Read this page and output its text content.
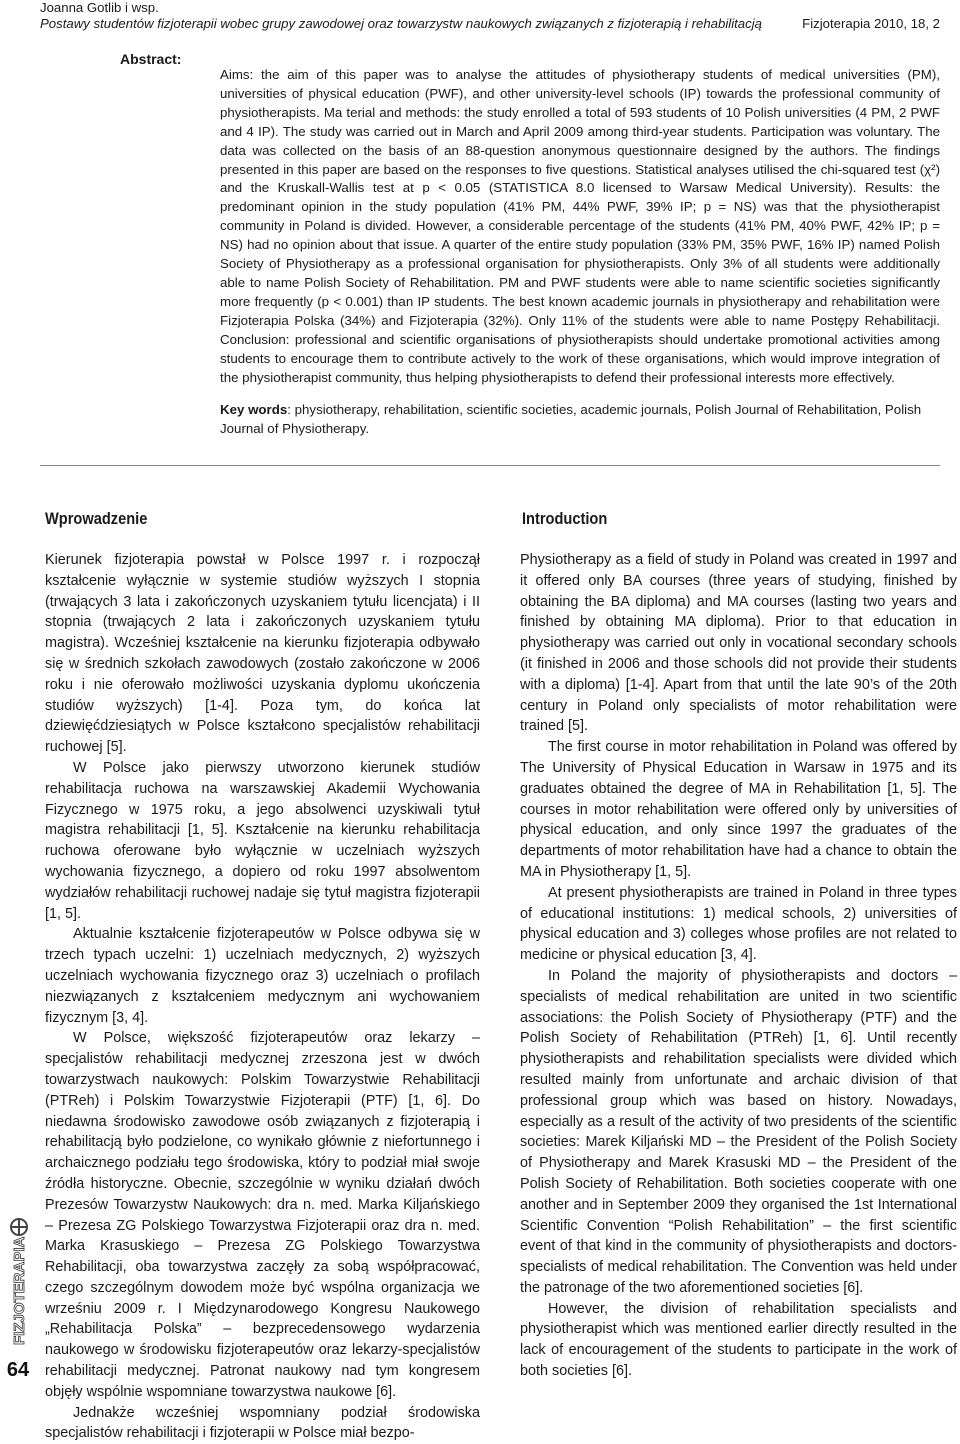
Joanna Gotlib i wsp.
Postawy studentów fizjoterapii wobec grupy zawodowej oraz towarzystw naukowych związanych z fizjoterapią i rehabilitacją	Fizjoterapia 2010, 18, 2
Abstract:

Aims: the aim of this paper was to analyse the attitudes of physiotherapy students of medical universities (PM), universities of physical education (PWF), and other university-level schools (IP) towards the professional community of physiotherapists. Ma terial and methods: the study enrolled a total of 593 students of 10 Polish universities (4 PM, 2 PWF and 4 IP). The study was carried out in March and April 2009 among third-year students. Participation was voluntary. The data was collected on the basis of an 88-question anonymous questionnaire designed by the authors. The findings presented in this paper are based on the responses to five questions. Statistical analyses utilised the chi-squared test (χ²) and the Kruskall-Wallis test at p < 0.05 (STATISTICA 8.0 licensed to Warsaw Medical University). Results: the predominant opinion in the study population (41% PM, 44% PWF, 39% IP; p = NS) was that the physiotherapist community in Poland is divided. However, a considerable percentage of the students (41% PM, 40% PWF, 42% IP; p = NS) had no opinion about that issue. A quarter of the entire study population (33% PM, 35% PWF, 16% IP) named Polish Society of Physiotherapy as a professional organisation for physiotherapists. Only 3% of all students were additionally able to name Polish Society of Rehabilitation. PM and PWF students were able to name scientific societies significantly more frequently (p < 0.001) than IP students. The best known academic journals in physiotherapy and rehabilitation were Fizjoterapia Polska (34%) and Fizjoterapia (32%). Only 11% of the students were able to name Postępy Rehabilitacji. Conclusion: professional and scientific organisations of physiotherapists should undertake promotional activities among students to encourage them to contribute actively to the work of these organisations, which would improve integration of the physiotherapist community, thus helping physiotherapists to defend their professional interests more effectively.

Key words: physiotherapy, rehabilitation, scientific societies, academic journals, Polish Journal of Rehabilitation, Polish Journal of Physiotherapy.
Wprowadzenie	Introduction

Kierunek fizjoterapia powstał w Polsce 1997 r. i rozpoczął kształcenie wyłącznie w systemie studiów wyższych I stopnia (trwających 3 lata i zakończonych uzyskaniem tytułu licencjata) i II stopnia (trwających 2 lata i zakończonych uzyskaniem tytułu magistra). Wcześniej kształcenie na kierunku fizjoterapia odbywało się w średnich szkołach zawodowych (zostało zakończone w 2006 roku i nie oferowało możliwości uzyskania dyplomu ukończenia studiów wyższych) [1-4]. Poza tym, do końca lat dziewięćdziesiątych w Polsce kształcono specjalistów rehabilitacji ruchowej [5].

W Polsce jako pierwszy utworzono kierunek studiów rehabilitacja ruchowa na warszawskiej Akademii Wychowania Fizycznego w 1975 roku, a jego absolwenci uzyskiwali tytuł magistra rehabilitacji [1, 5]. Kształcenie na kierunku rehabilitacja ruchowa oferowane było wyłącznie w uczelniach wyższych wychowania fizycznego, a dopiero od roku 1997 absolwentom wydziałów rehabilitacji ruchowej nadaje się tytuł magistra fizjoterapii [1, 5].

Aktualnie kształcenie fizjoterapeutów w Polsce odbywa się w trzech typach uczelni: 1) uczelniach medycznych, 2) wyższych uczelniach wychowania fizycznego oraz 3) uczelniach o profilach niezwiązanych z kształceniem medycznym ani wychowaniem fizycznym [3, 4].

W Polsce, większość fizjoterapeutów oraz lekarzy – specjalistów rehabilitacji medycznej zrzeszona jest w dwóch towarzystwach naukowych: Polskim Towarzystwie Rehabilitacji (PTReh) i Polskim Towarzystwie Fizjoterapii (PTF) [1, 6]. Do niedawna środowisko zawodowe osób związanych z fizjoterapią i rehabilitacją było podzielone, co wynikało głównie z niefortunnego i archaicznego podziału tego środowiska, który to podział miał swoje źródła historyczne. Obecnie, szczególnie w wyniku działań dwóch Prezesów Towarzystw Naukowych: dra n. med. Marka Kiljańskiego – Prezesa ZG Polskiego Towarzystwa Fizjoterapii oraz dra n. med. Marka Krasuskiego – Prezesa ZG Polskiego Towarzystwa Rehabilitacji, oba towarzystwa zaczęły za sobą współpracować, czego szczególnym dowodem może być wspólna organizacja we wrześniu 2009 r. I Międzynarodowego Kongresu Naukowego „Rehabilitacja Polska” – bezprecedensowego wydarzenia naukowego w środowisku fizjoterapeutów oraz lekarzy-specjalistów rehabilitacji medycznej. Patronat naukowy nad tym kongresem objęły wspólnie wspomniane towarzystwa naukowe [6].

Jednakże wcześniej wspomniany podział środowiska specjalistów rehabilitacji i fizjoterapii w Polsce miał bezpo-

Physiotherapy as a field of study in Poland was created in 1997 and it offered only BA courses (three years of studying, finished by obtaining the BA diploma) and MA courses (lasting two years and finished by obtaining MA diploma). Prior to that education in physiotherapy was carried out only in vocational secondary schools (it finished in 2006 and those schools did not provide their students with a diploma) [1-4]. Apart from that until the late 90’s of the 20th century in Poland only specialists of motor rehabilitation were trained [5].

The first course in motor rehabilitation in Poland was offered by The University of Physical Education in Warsaw in 1975 and its graduates obtained the degree of MA in Rehabilitation [1, 5]. The courses in motor rehabilitation were offered only by universities of physical education, and only since 1997 the graduates of the departments of motor rehabilitation have had a chance to obtain the MA in Physiotherapy [1, 5].

At present physiotherapists are trained in Poland in three types of educational institutions: 1) medical schools, 2) universities of physical education and 3) colleges whose profiles are not related to medicine or physical education [3, 4].

In Poland the majority of physiotherapists and doctors – specialists of medical rehabilitation are united in two scientific associations: the Polish Society of Physiotherapy (PTF) and the Polish Society of Rehabilitation (PTReh) [1, 6]. Until recently physiotherapists and rehabilitation specialists were divided which resulted mainly from unfortunate and archaic division of that professional group which was based on history. Nowadays, especially as a result of the activity of two presidents of the scientific societies: Marek Kiljański MD – the President of the Polish Society of Physiotherapy and Marek Krasuski MD – the President of the Polish Society of Rehabilitation. Both societies cooperate with one another and in September 2009 they organised the 1st International Scientific Convention “Polish Rehabilitation” – the first scientific event of that kind in the community of physiotherapists and doctors-specialists of medical rehabilitation. The Convention was held under the patronage of the two aforementioned societies [6].

However, the division of rehabilitation specialists and physiotherapist which was mentioned earlier directly resulted in the lack of encouragement of the students to participate in the work of both societies [6].

FIZJOTERAPIA
64
